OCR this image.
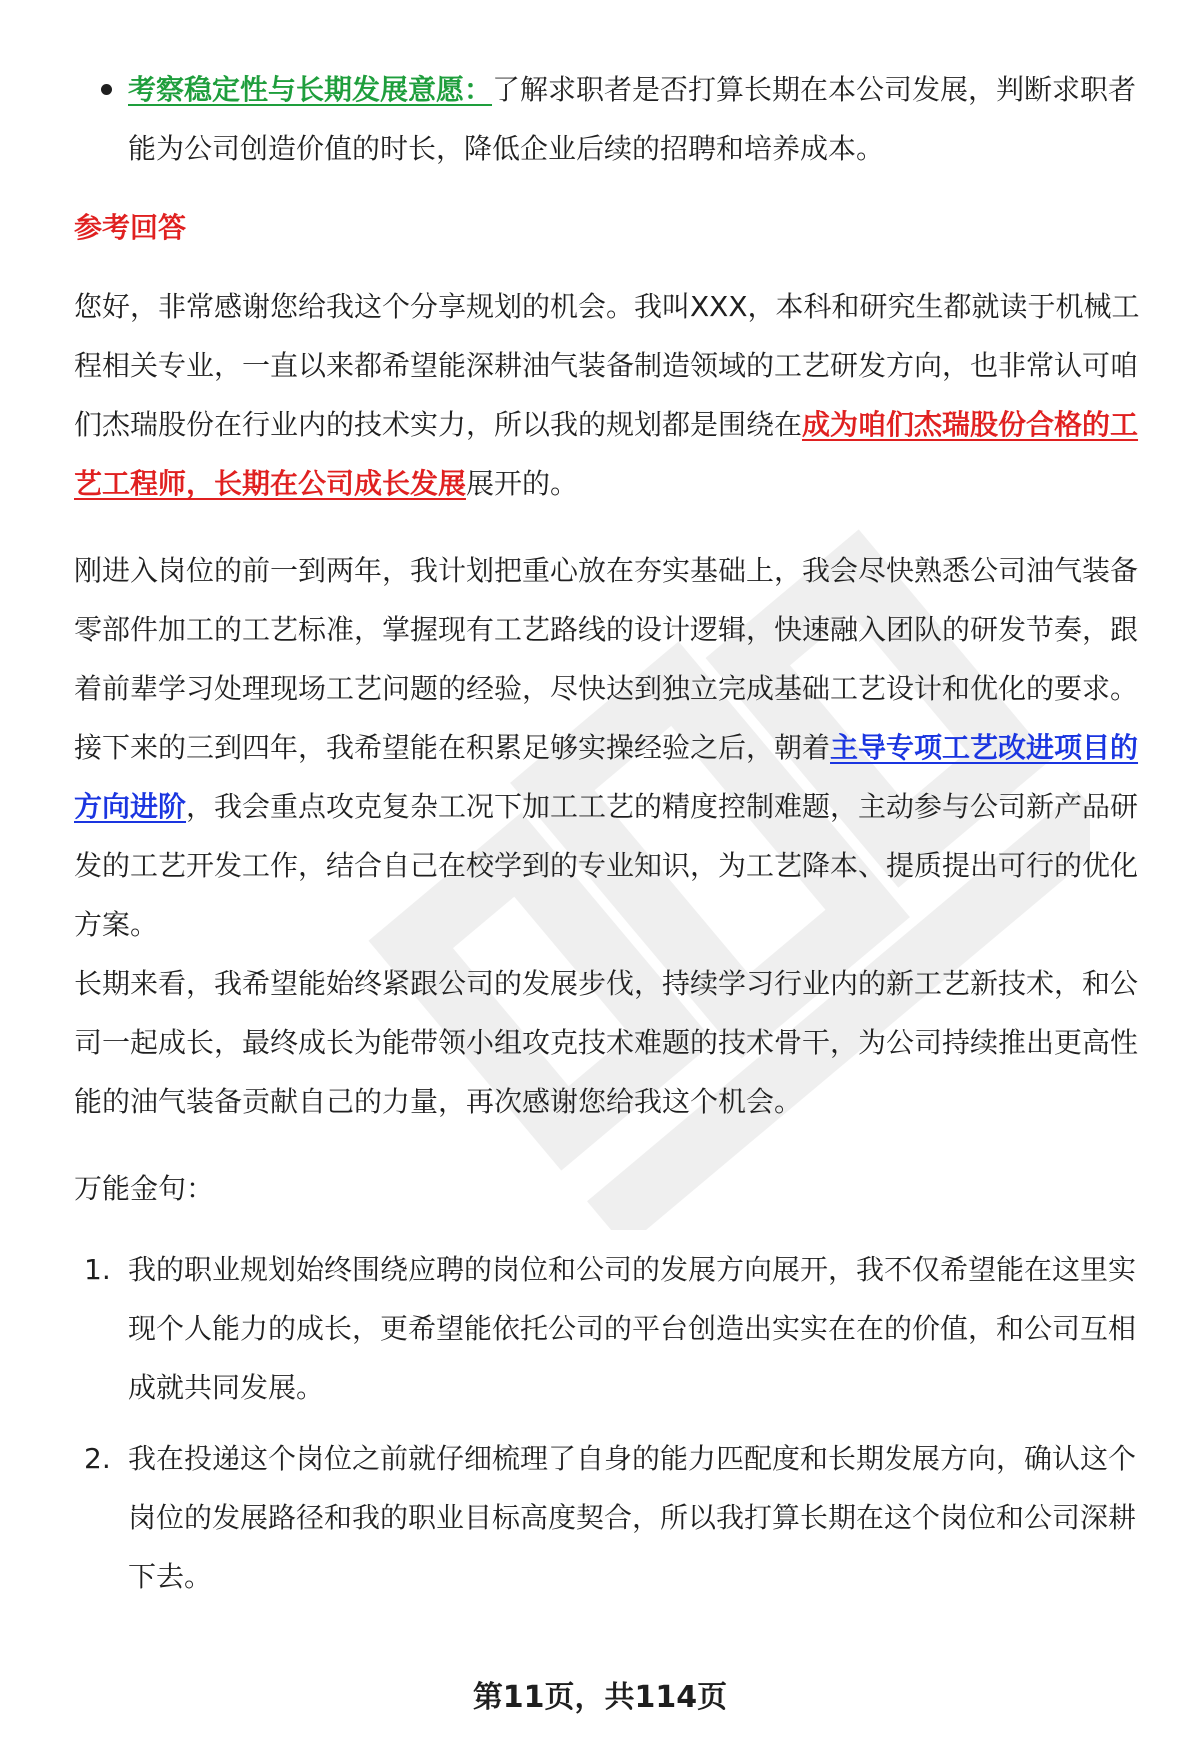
考察稳定性与长期发展意愿：了解求职者是否打算长期在本公司发展，判断求职者能为公司创造价值的时长，降低企业后续的招聘和培养成本。

参考回答

您好，非常感谢您给我这个分享规划的机会。我叫XXX，本科和研究生都就读于机械工程相关专业，一直以来都希望能深耕油气装备制造领域的工艺研发方向，也非常认可咱们杰瑞股份在行业内的技术实力，所以我的规划都是围绕在成为咱们杰瑞股份合格的工艺工程师，长期在公司成长发展展开的。

刚进入岗位的前一到两年，我计划把重心放在夯实基础上，我会尽快熟悉公司油气装备零部件加工的工艺标准，掌握现有工艺路线的设计逻辑，快速融入团队的研发节奏，跟着前辈学习处理现场工艺问题的经验，尽快达到独立完成基础工艺设计和优化的要求。

接下来的三到四年，我希望能在积累足够实操经验之后，朝着主导专项工艺改进项目的方向进阶，我会重点攻克复杂工况下加工工艺的精度控制难题，主动参与公司新产品研发的工艺开发工作，结合自己在校学到的专业知识，为工艺降本、提质提出可行的优化方案。

长期来看，我希望能始终紧跟公司的发展步伐，持续学习行业内的新工艺新技术，和公司一起成长，最终成长为能带领小组攻克技术难题的技术骨干，为公司持续推出更高性能的油气装备贡献自己的力量，再次感谢您给我这个机会。

万能金句：

1. 我的职业规划始终围绕应聘的岗位和公司的发展方向展开，我不仅希望能在这里实现个人能力的成长，更希望能依托公司的平台创造出实实在在的价值，和公司互相成就共同发展。
2. 我在投递这个岗位之前就仔细梳理了自身的能力匹配度和长期发展方向，确认这个岗位的发展路径和我的职业目标高度契合，所以我打算长期在这个岗位和公司深耕下去。
第11页，共114页
